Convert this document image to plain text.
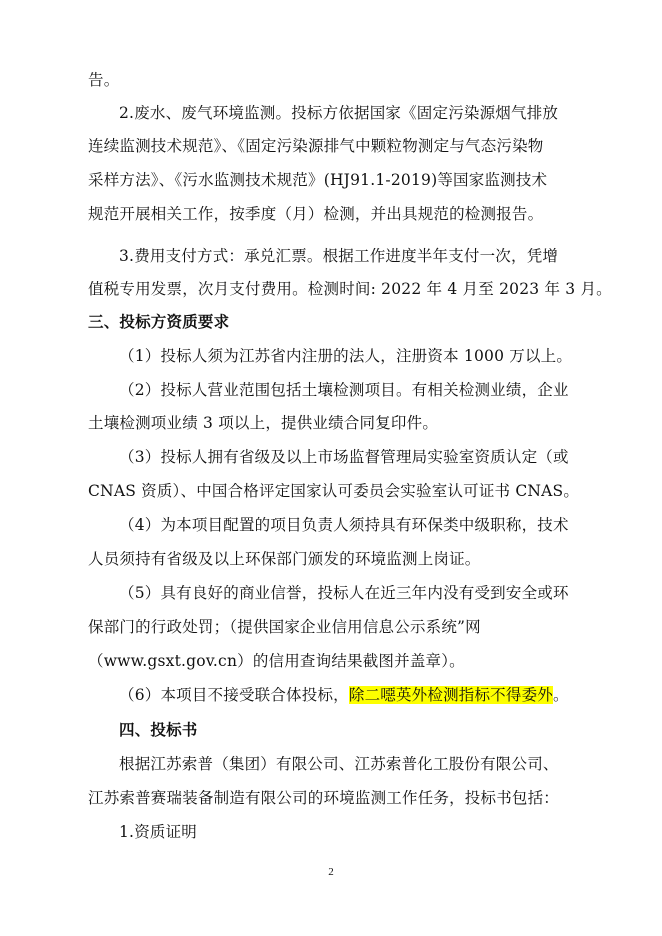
告。
2.废水、废气环境监测。投标方依据国家《固定污染源烟气排放
连续监测技术规范》、《固定污染源排气中颗粒物测定与气态污染物
采样方法》、《污水监测技术规范》(HJ91.1-2019)等国家监测技术
规范开展相关工作，按季度（月）检测，并出具规范的检测报告。
3.费用支付方式：承兑汇票。根据工作进度半年支付一次，凭增
值税专用发票，次月支付费用。检测时间: 2022 年 4 月至 2023 年 3 月。
三、投标方资质要求
（1）投标人须为江苏省内注册的法人，注册资本 1000 万以上。
（2）投标人营业范围包括土壤检测项目。有相关检测业绩，企业
土壤检测项业绩 3 项以上，提供业绩合同复印件。
（3）投标人拥有省级及以上市场监督管理局实验室资质认定（或
CNAS 资质）、中国合格评定国家认可委员会实验室认可证书 CNAS。
（4）为本项目配置的项目负责人须持具有环保类中级职称，技术
人员须持有省级及以上环保部门颁发的环境监测上岗证。
（5）具有良好的商业信誉，投标人在近三年内没有受到安全或环
保部门的行政处罚；（提供国家企业信用信息公示系统”网
（www.gsxt.gov.cn）的信用查询结果截图并盖章）。
（6）本项目不接受联合体投标，除二噁英外检测指标不得委外。
四、投标书
根据江苏索普（集团）有限公司、江苏索普化工股份有限公司、
江苏索普赛瑞装备制造有限公司的环境监测工作任务，投标书包括：
1.资质证明
2
